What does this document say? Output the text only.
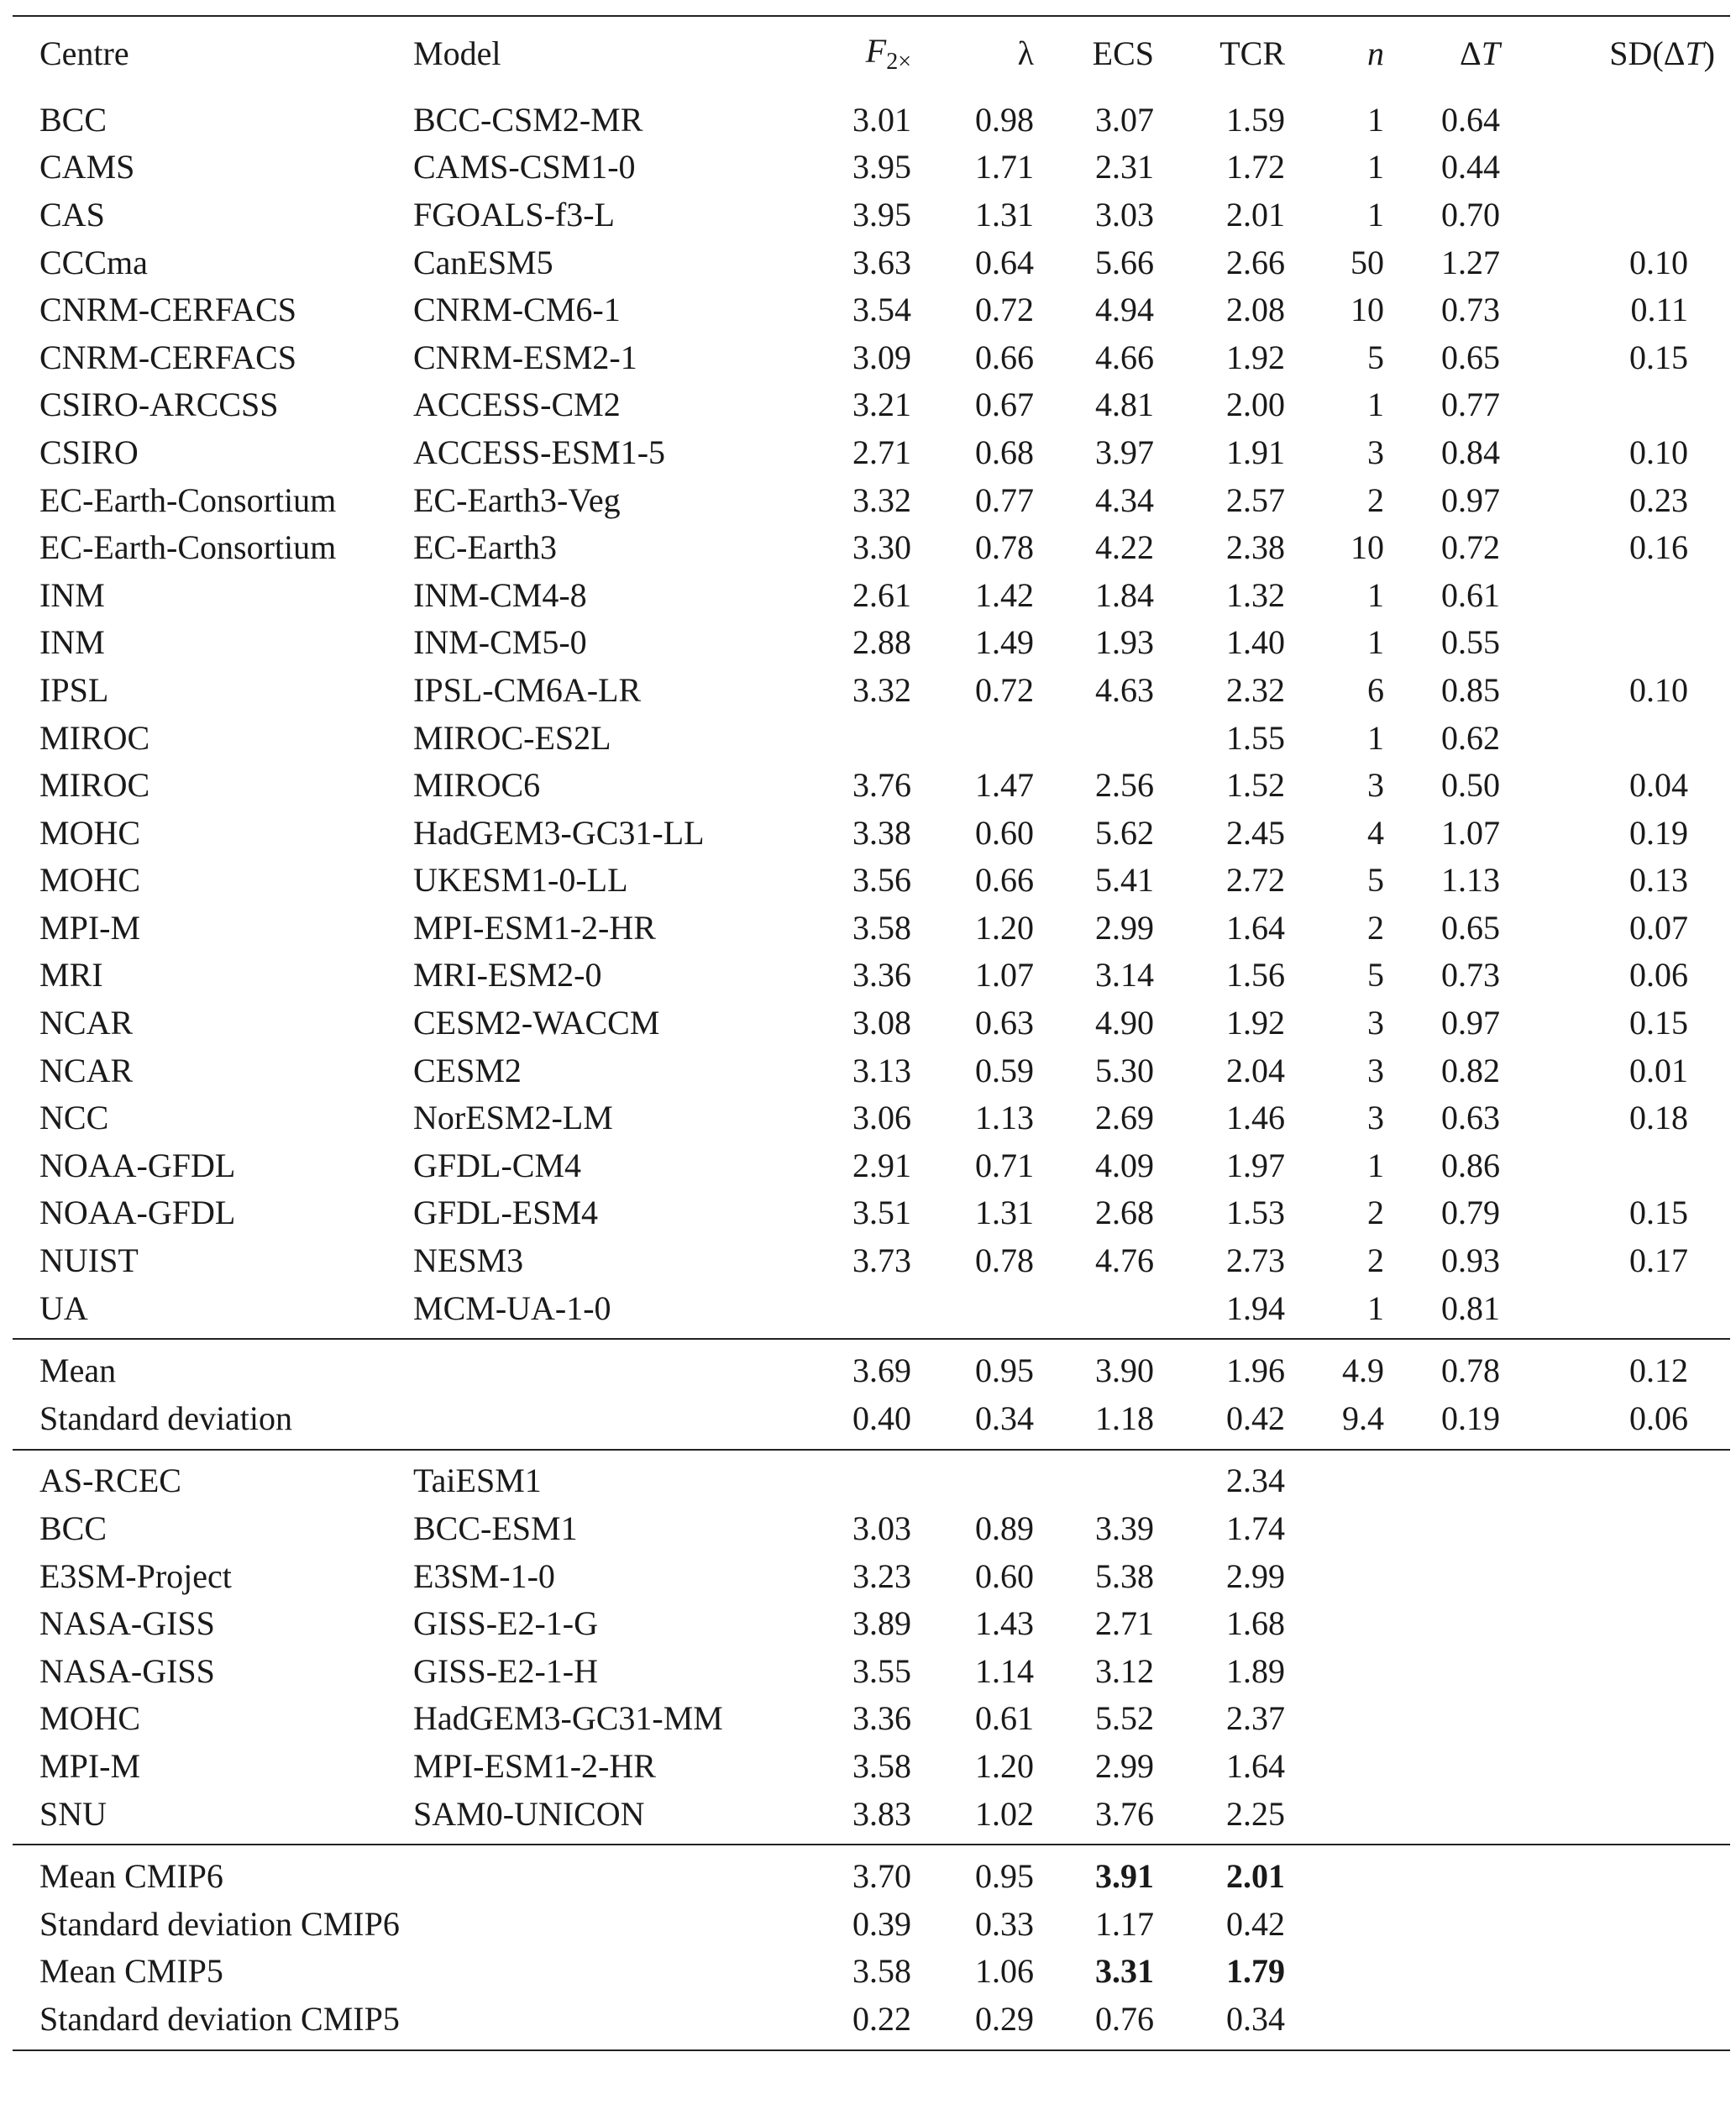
Centre	Model	$F_{2\times}$	λ	ECS	TCR	n	ΔT	SD(ΔT)
BCC	BCC-CSM2-MR	3.01	0.98	3.07	1.59	1	0.64	
CAMS	CAMS-CSM1-0	3.95	1.71	2.31	1.72	1	0.44	
CAS	FGOALS-f3-L	3.95	1.31	3.03	2.01	1	0.70	
CCCma	CanESM5	3.63	0.64	5.66	2.66	50	1.27	0.10
CNRM-CERFACS	CNRM-CM6-1	3.54	0.72	4.94	2.08	10	0.73	0.11
CNRM-CERFACS	CNRM-ESM2-1	3.09	0.66	4.66	1.92	5	0.65	0.15
CSIRO-ARCCSS	ACCESS-CM2	3.21	0.67	4.81	2.00	1	0.77	
CSIRO	ACCESS-ESM1-5	2.71	0.68	3.97	1.91	3	0.84	0.10
EC-Earth-Consortium	EC-Earth3-Veg	3.32	0.77	4.34	2.57	2	0.97	0.23
EC-Earth-Consortium	EC-Earth3	3.30	0.78	4.22	2.38	10	0.72	0.16
INM	INM-CM4-8	2.61	1.42	1.84	1.32	1	0.61	
INM	INM-CM5-0	2.88	1.49	1.93	1.40	1	0.55	
IPSL	IPSL-CM6A-LR	3.32	0.72	4.63	2.32	6	0.85	0.10
MIROC	MIROC-ES2L				1.55	1	0.62	
MIROC	MIROC6	3.76	1.47	2.56	1.52	3	0.50	0.04
MOHC	HadGEM3-GC31-LL	3.38	0.60	5.62	2.45	4	1.07	0.19
MOHC	UKESM1-0-LL	3.56	0.66	5.41	2.72	5	1.13	0.13
MPI-M	MPI-ESM1-2-HR	3.58	1.20	2.99	1.64	2	0.65	0.07
MRI	MRI-ESM2-0	3.36	1.07	3.14	1.56	5	0.73	0.06
NCAR	CESM2-WACCM	3.08	0.63	4.90	1.92	3	0.97	0.15
NCAR	CESM2	3.13	0.59	5.30	2.04	3	0.82	0.01
NCC	NorESM2-LM	3.06	1.13	2.69	1.46	3	0.63	0.18
NOAA-GFDL	GFDL-CM4	2.91	0.71	4.09	1.97	1	0.86	
NOAA-GFDL	GFDL-ESM4	3.51	1.31	2.68	1.53	2	0.79	0.15
NUIST	NESM3	3.73	0.78	4.76	2.73	2	0.93	0.17
UA	MCM-UA-1-0				1.94	1	0.81	
Mean		3.69	0.95	3.90	1.96	4.9	0.78	0.12
Standard deviation		0.40	0.34	1.18	0.42	9.4	0.19	0.06
AS-RCEC	TaiESM1				2.34			
BCC	BCC-ESM1	3.03	0.89	3.39	1.74			
E3SM-Project	E3SM-1-0	3.23	0.60	5.38	2.99			
NASA-GISS	GISS-E2-1-G	3.89	1.43	2.71	1.68			
NASA-GISS	GISS-E2-1-H	3.55	1.14	3.12	1.89			
MOHC	HadGEM3-GC31-MM	3.36	0.61	5.52	2.37			
MPI-M	MPI-ESM1-2-HR	3.58	1.20	2.99	1.64			
SNU	SAM0-UNICON	3.83	1.02	3.76	2.25			
Mean CMIP6		3.70	0.95	3.91	2.01			
Standard deviation CMIP6		0.39	0.33	1.17	0.42			
Mean CMIP5		3.58	1.06	3.31	1.79			
Standard deviation CMIP5		0.22	0.29	0.76	0.34			
